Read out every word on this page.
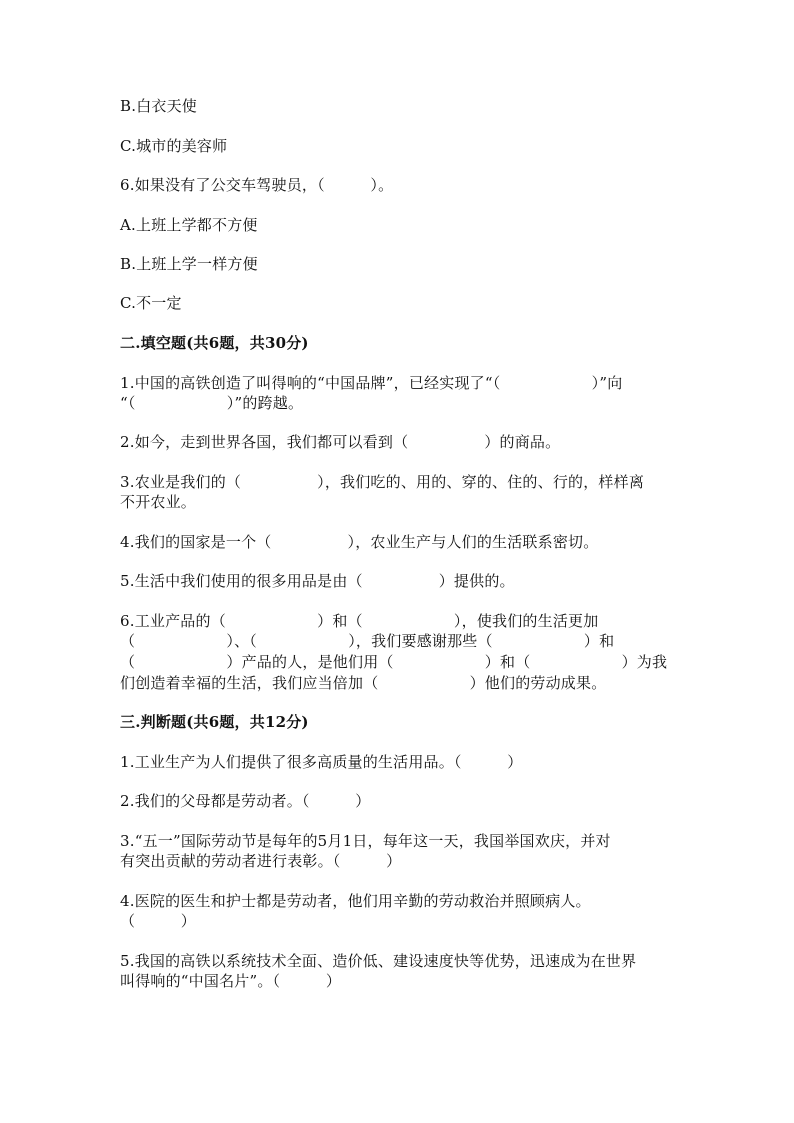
B.白衣天使
C.城市的美容师
6.如果没有了公交车驾驶员，（　　　）。
A.上班上学都不方便
B.上班上学一样方便
C.不一定
二.填空题(共6题，共30分)
1.中国的高铁创造了叫得响的“中国品牌”，已经实现了“（　　　　　　）”向
“（　　　　　　）”的跨越。
2.如今，走到世界各国，我们都可以看到（　　　　　）的商品。
3.农业是我们的（　　　　　），我们吃的、用的、穿的、住的、行的，样样离
不开农业。
4.我们的国家是一个（　　　　　），农业生产与人们的生活联系密切。
5.生活中我们使用的很多用品是由（　　　　　）提供的。
6.工业产品的（　　　　　　）和（　　　　　　），使我们的生活更加
（　　　　　　）、（　　　　　　），我们要感谢那些（　　　　　　）和
（　　　　　　）产品的人，是他们用（　　　　　　）和（　　　　　　）为我
们创造着幸福的生活，我们应当倍加（　　　　　　）他们的劳动成果。
三.判断题(共6题，共12分)
1.工业生产为人们提供了很多高质量的生活用品。（　　　）
2.我们的父母都是劳动者。（　　　）
3.“五一”国际劳动节是每年的5月1日，每年这一天，我国举国欢庆，并对
有突出贡献的劳动者进行表彰。（　　　）
4.医院的医生和护士都是劳动者，他们用辛勤的劳动救治并照顾病人。
（　　　）
5.我国的高铁以系统技术全面、造价低、建设速度快等优势，迅速成为在世界
叫得响的“中国名片”。（　　　）
